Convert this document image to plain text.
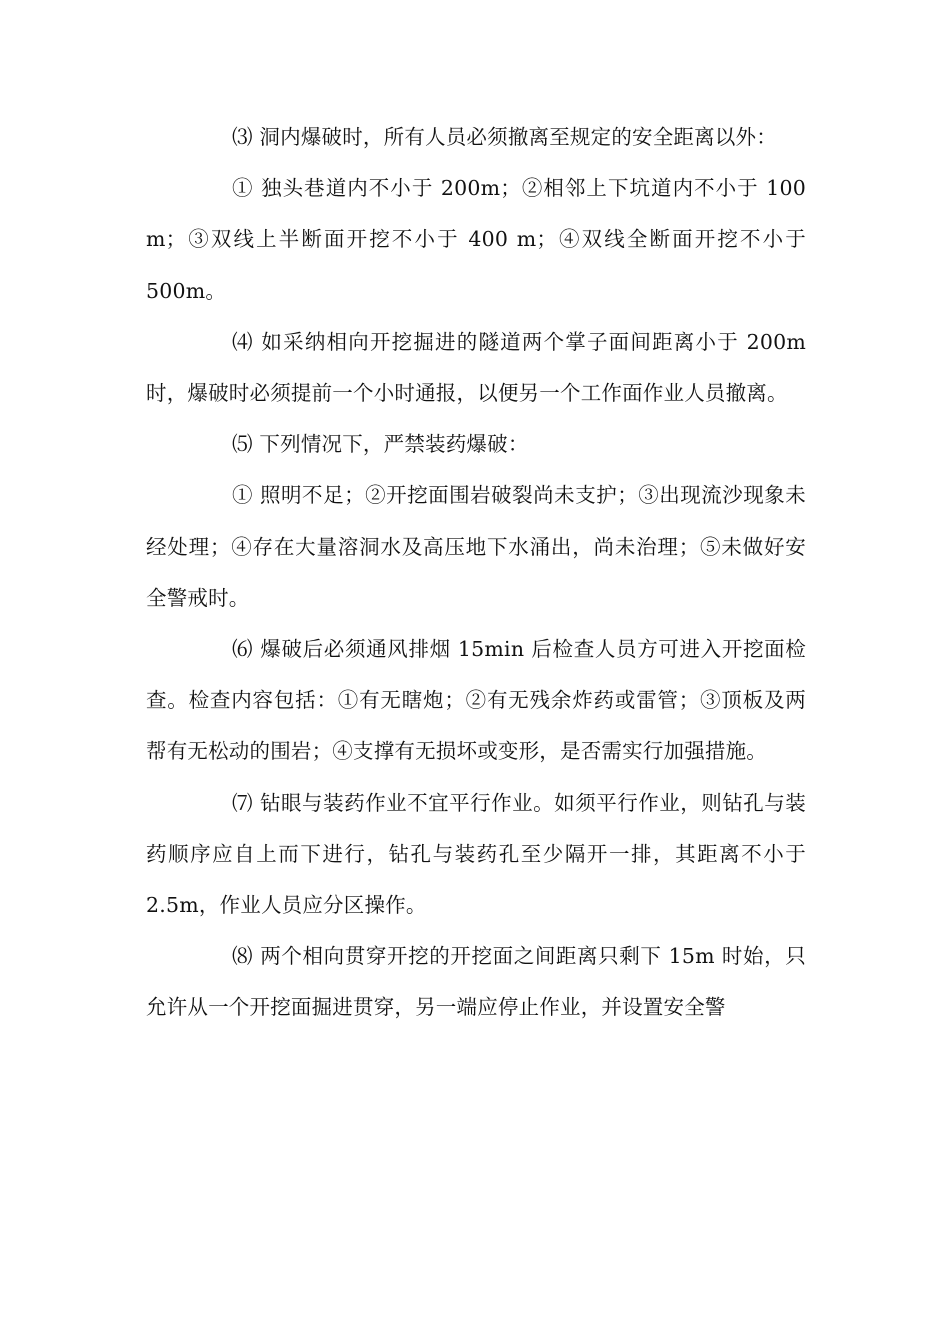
⑶ 洞内爆破时，所有人员必须撤离至规定的安全距离以外：

① 独头巷道内不小于 200m；②相邻上下坑道内不小于 100 m；③双线上半断面开挖不小于 400 m；④双线全断面开挖不小于 500m。

⑷ 如采纳相向开挖掘进的隧道两个掌子面间距离小于 200m 时，爆破时必须提前一个小时通报，以便另一个工作面作业人员撤离。

⑸ 下列情况下，严禁装药爆破：

① 照明不足；②开挖面围岩破裂尚未支护；③出现流沙现象未经处理；④存在大量溶洞水及高压地下水涌出，尚未治理；⑤未做好安全警戒时。

⑹ 爆破后必须通风排烟 15min 后检查人员方可进入开挖面检查。检查内容包括：①有无瞎炮；②有无残余炸药或雷管；③顶板及两帮有无松动的围岩；④支撑有无损坏或变形，是否需实行加强措施。

⑺ 钻眼与装药作业不宜平行作业。如须平行作业，则钻孔与装药顺序应自上而下进行，钻孔与装药孔至少隔开一排，其距离不小于 2.5m，作业人员应分区操作。

⑻ 两个相向贯穿开挖的开挖面之间距离只剩下 15m 时始，只允许从一个开挖面掘进贯穿，另一端应停止作业，并设置安全警
